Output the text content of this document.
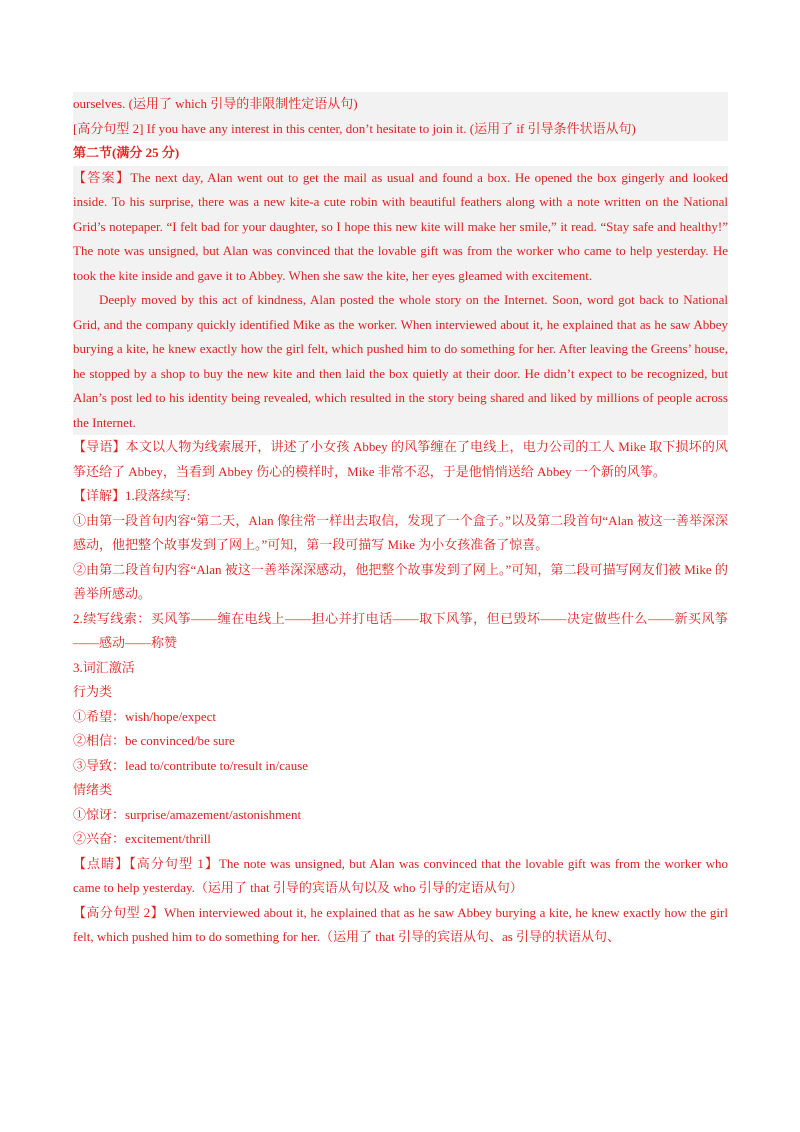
ourselves. (运用了 which 引导的非限制性定语从句)
[高分句型 2] If you have any interest in this center, don’t hesitate to join it. (运用了 if 引导条件状语从句)
第二节(满分 25 分)
【答案】The next day, Alan went out to get the mail as usual and found a box. He opened the box gingerly and looked inside. To his surprise, there was a new kite-a cute robin with beautiful feathers along with a note written on the National Grid’s notepaper. “I felt bad for your daughter, so I hope this new kite will make her smile,” it read. “Stay safe and healthy!” The note was unsigned, but Alan was convinced that the lovable gift was from the worker who came to help yesterday. He took the kite inside and gave it to Abbey. When she saw the kite, her eyes gleamed with excitement.
Deeply moved by this act of kindness, Alan posted the whole story on the Internet. Soon, word got back to National Grid, and the company quickly identified Mike as the worker. When interviewed about it, he explained that as he saw Abbey burying a kite, he knew exactly how the girl felt, which pushed him to do something for her. After leaving the Greens’ house, he stopped by a shop to buy the new kite and then laid the box quietly at their door. He didn’t expect to be recognized, but Alan’s post led to his identity being revealed, which resulted in the story being shared and liked by millions of people across the Internet.
【导语】本文以人物为线索展开，讲述了小女孩 Abbey 的风筝缠在了电线上，电力公司的工人 Mike 取下损坏的风筝还给了 Abbey，当看到 Abbey 伤心的模样时，Mike 非常不忍，于是他悄悄送给 Abbey 一个新的风筝。
【详解】1.段落续写:
①由第一段首句内容“第二天，Alan 像往常一样出去取信，发现了一个盒子。”以及第二段首句“Alan 被这一善举深深感动，他把整个故事发到了网上。”可知，第一段可描写 Mike 为小女孩准备了惊喜。
②由第二段首句内容“Alan 被这一善举深深感动，他把整个故事发到了网上。”可知，第二段可描写网友们被 Mike 的善举所感动。
2.续写线索：买风筝——缠在电线上——担心并打电话——取下风筝，但已毁坏——决定做些什么——新买风筝——感动——称赞
3.词汇激活
行为类
①希望：wish/hope/expect
②相信：be convinced/be sure
③导致：lead to/contribute to/result in/cause
情绪类
①惊讶：surprise/amazement/astonishment
②兴奋：excitement/thrill
【点睛】【高分句型 1】The note was unsigned, but Alan was convinced that the lovable gift was from the worker who came to help yesterday.（运用了 that 引导的宾语从句以及 who 引导的定语从句）
【高分句型 2】When interviewed about it, he explained that as he saw Abbey burying a kite, he knew exactly how the girl felt, which pushed him to do something for her.（运用了 that 引导的宾语从句、as 引导的状语从句、
